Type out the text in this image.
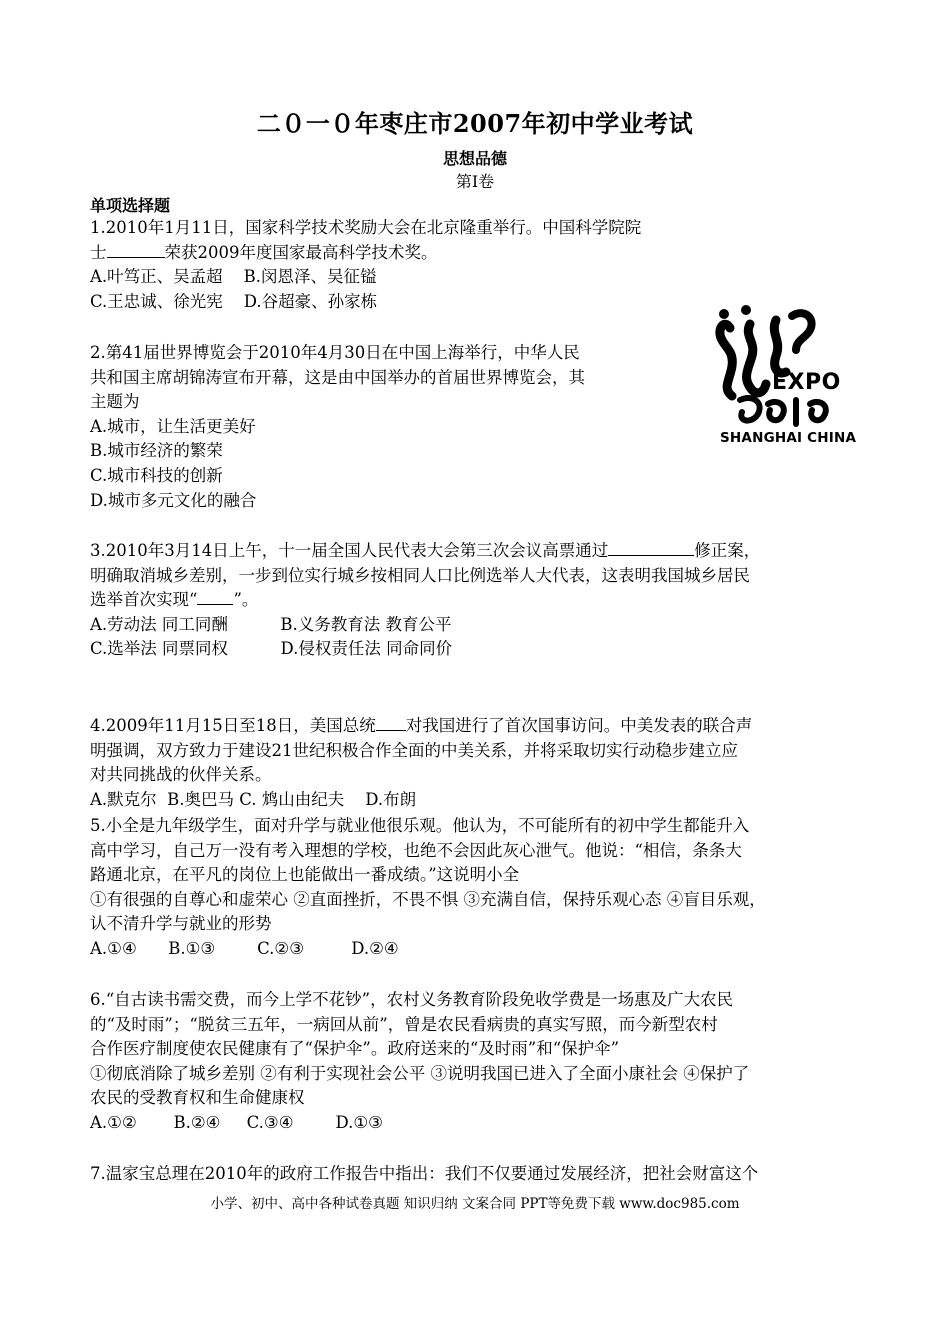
二０一０年枣庄市2007年初中学业考试
思想品德
第Ⅰ卷
单项选择题
1.2010年1月11日，国家科学技术奖励大会在北京隆重举行。中国科学院院
士	荣获2009年度国家最高科学技术奖。
A.叶笃正、吴孟超    B.闵恩泽、吴征镒
C.王忠诚、徐光宪    D.谷超豪、孙家栋
2.第41届世界博览会于2010年4月30日在中国上海举行，中华人民
共和国主席胡锦涛宣布开幕，这是由中国举办的首届世界博览会，其
主题为
A.城市，让生活更美好
B.城市经济的繁荣
C.城市科技的创新
D.城市多元文化的融合
EXPO
SHANGHAI CHINA
3.2010年3月14日上午，十一届全国人民代表大会第三次会议高票通过	修正案，
明确取消城乡差别，一步到位实行城乡按相同人口比例选举人大代表，这表明我国城乡居民
选举首次实现“ ”。
A.劳动法 同工同酬          B.义务教育法 教育公平
C.选举法 同票同权          D.侵权责任法 同命同价
4.2009年11月15日至18日，美国总统 对我国进行了首次国事访问。中美发表的联合声
明强调，双方致力于建设21世纪积极合作全面的中美关系，并将采取切实行动稳步建立应
对共同挑战的伙伴关系。
A.默克尔  B.奥巴马 C. 鸩山由纪夫    D.布朗
5.小全是九年级学生，面对升学与就业他很乐观。他认为，不可能所有的初中学生都能升入
高中学习，自己万一没有考入理想的学校，也绝不会因此灰心泄气。他说：“相信，条条大
路通北京，在平凡的岗位上也能做出一番成绩。”这说明小全
①有很强的自尊心和虚荣心 ②直面挫折，不畏不惧 ③充满自信，保持乐观心态 ④盲目乐观，
认不清升学与就业的形势
A.①④      B.①③        C.②③         D.②④
6.“自古读书需交费，而今上学不花钞”，农村义务教育阶段免收学费是一场惠及广大农民
的“及时雨”；“脱贫三五年，一病回从前”，曾是农民看病贵的真实写照，而今新型农村
合作医疗制度使农民健康有了“保护伞”。政府送来的“及时雨”和“保护伞”
①彻底消除了城乡差别 ②有利于实现社会公平 ③说明我国已进入了全面小康社会 ④保护了
农民的受教育权和生命健康权
A.①②       B.②④     C.③④        D.①③
7.温家宝总理在2010年的政府工作报告中指出：我们不仅要通过发展经济，把社会财富这个
小学、初中、高中各种试卷真题 知识归纳 文案合同 PPT等免费下载 www.doc985.com
